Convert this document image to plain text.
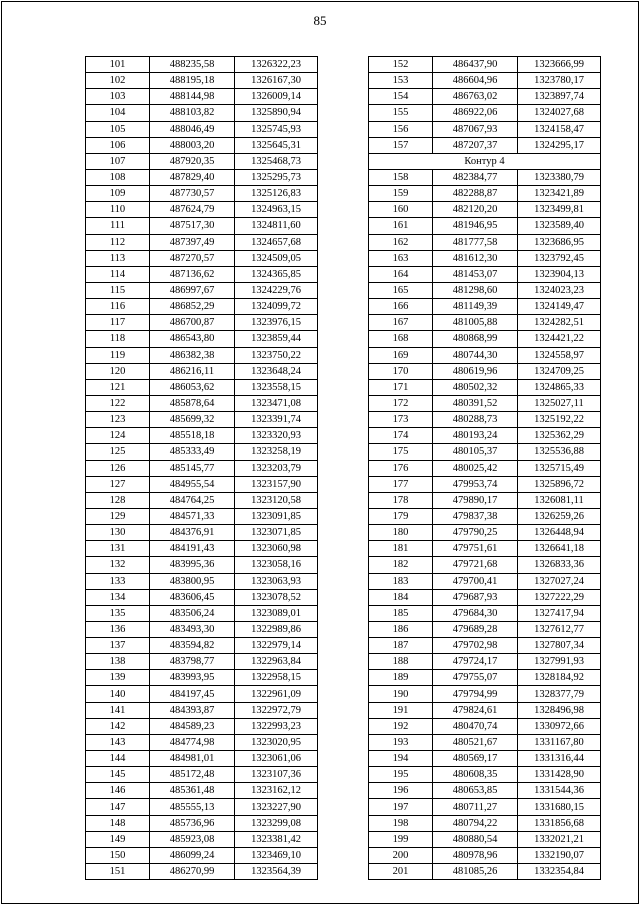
85
101	488235,58	1326322,23
102	488195,18	1326167,30
103	488144,98	1326009,14
104	488103,82	1325890,94
105	488046,49	1325745,93
106	488003,20	1325645,31
107	487920,35	1325468,73
108	487829,40	1325295,73
109	487730,57	1325126,83
110	487624,79	1324963,15
111	487517,30	1324811,60
112	487397,49	1324657,68
113	487270,57	1324509,05
114	487136,62	1324365,85
115	486997,67	1324229,76
116	486852,29	1324099,72
117	486700,87	1323976,15
118	486543,80	1323859,44
119	486382,38	1323750,22
120	486216,11	1323648,24
121	486053,62	1323558,15
122	485878,64	1323471,08
123	485699,32	1323391,74
124	485518,18	1323320,93
125	485333,49	1323258,19
126	485145,77	1323203,79
127	484955,54	1323157,90
128	484764,25	1323120,58
129	484571,33	1323091,85
130	484376,91	1323071,85
131	484191,43	1323060,98
132	483995,36	1323058,16
133	483800,95	1323063,93
134	483606,45	1323078,52
135	483506,24	1323089,01
136	483493,30	1322989,86
137	483594,82	1322979,14
138	483798,77	1322963,84
139	483993,95	1322958,15
140	484197,45	1322961,09
141	484393,87	1322972,79
142	484589,23	1322993,23
143	484774,98	1323020,95
144	484981,01	1323061,06
145	485172,48	1323107,36
146	485361,48	1323162,12
147	485555,13	1323227,90
148	485736,96	1323299,08
149	485923,08	1323381,42
150	486099,24	1323469,10
151	486270,99	1323564,39
152	486437,90	1323666,99
153	486604,96	1323780,17
154	486763,02	1323897,74
155	486922,06	1324027,68
156	487067,93	1324158,47
157	487207,37	1324295,17
Контур 4		
158	482384,77	1323380,79
159	482288,87	1323421,89
160	482120,20	1323499,81
161	481946,95	1323589,40
162	481777,58	1323686,95
163	481612,30	1323792,45
164	481453,07	1323904,13
165	481298,60	1324023,23
166	481149,39	1324149,47
167	481005,88	1324282,51
168	480868,99	1324421,22
169	480744,30	1324558,97
170	480619,96	1324709,25
171	480502,32	1324865,33
172	480391,52	1325027,11
173	480288,73	1325192,22
174	480193,24	1325362,29
175	480105,37	1325536,88
176	480025,42	1325715,49
177	479953,74	1325896,72
178	479890,17	1326081,11
179	479837,38	1326259,26
180	479790,25	1326448,94
181	479751,61	1326641,18
182	479721,68	1326833,36
183	479700,41	1327027,24
184	479687,93	1327222,29
185	479684,30	1327417,94
186	479689,28	1327612,77
187	479702,98	1327807,34
188	479724,17	1327991,93
189	479755,07	1328184,92
190	479794,99	1328377,79
191	479824,61	1328496,98
192	480470,74	1330972,66
193	480521,67	1331167,80
194	480569,17	1331316,44
195	480608,35	1331428,90
196	480653,85	1331544,36
197	480711,27	1331680,15
198	480794,22	1331856,68
199	480880,54	1332021,21
200	480978,96	1332190,07
201	481085,26	1332354,84
